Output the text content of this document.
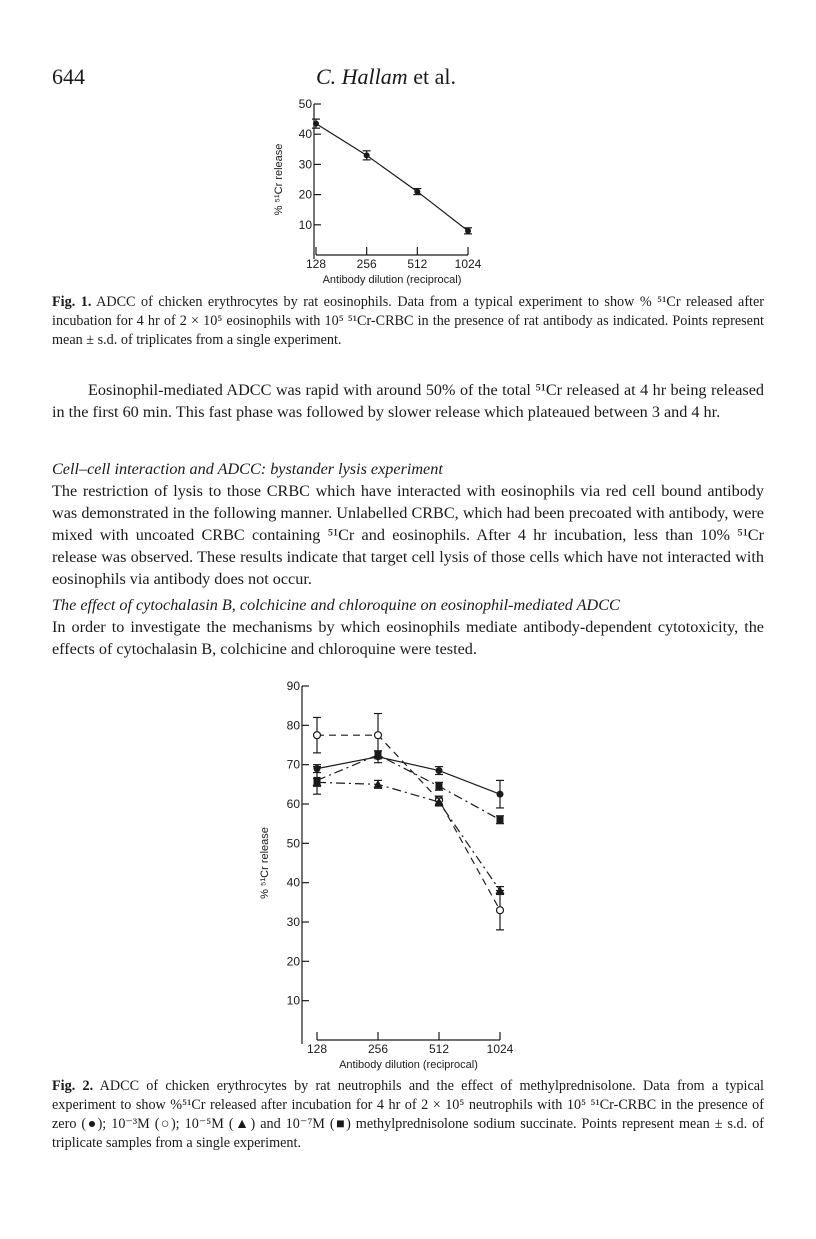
644	C. Hallam et al.
10
20
30
40
50
128	256	512 1024
Antibody dilution (reciprocal)
% ⁵¹Cr release
Fig. 1. ADCC of chicken erythrocytes by rat eosinophils. Data from a typical experiment to show % ⁵¹Cr released after incubation for 4 hr of 2 × 10⁵ eosinophils with 10⁵ ⁵¹Cr-CRBC in the presence of rat antibody as indicated. Points represent mean ± s.d. of triplicates from a single experiment.
Eosinophil-mediated ADCC was rapid with around 50% of the total ⁵¹Cr released at 4 hr being released in the first 60 min. This fast phase was followed by slower release which plateaued between 3 and 4 hr.
Cell–cell interaction and ADCC: bystander lysis experiment
The restriction of lysis to those CRBC which have interacted with eosinophils via red cell bound antibody was demonstrated in the following manner. Unlabelled CRBC, which had been precoated with antibody, were mixed with uncoated CRBC containing ⁵¹Cr and eosinophils. After 4 hr incubation, less than 10% ⁵¹Cr release was observed. These results indicate that target cell lysis of those cells which have not interacted with eosinophils via antibody does not occur.
The effect of cytochalasin B, colchicine and chloroquine on eosinophil-mediated ADCC
In order to investigate the mechanisms by which eosinophils mediate antibody-dependent cytotoxicity, the effects of cytochalasin B, colchicine and chloroquine were tested.
10
20
30
40
50
60
70
80
90
128	256	512	1024
Antibody dilution (reciprocal)
% ⁵¹Cr release
Fig. 2. ADCC of chicken erythrocytes by rat neutrophils and the effect of methylprednisolone. Data from a typical experiment to show %⁵¹Cr released after incubation for 4 hr of 2 × 10⁵ neutrophils with 10⁵ ⁵¹Cr-CRBC in the presence of zero (●); 10⁻³M (○); 10⁻⁵M (▲) and 10⁻⁷M (■) methylprednisolone sodium succinate. Points represent mean ± s.d. of triplicate samples from a single experiment.
